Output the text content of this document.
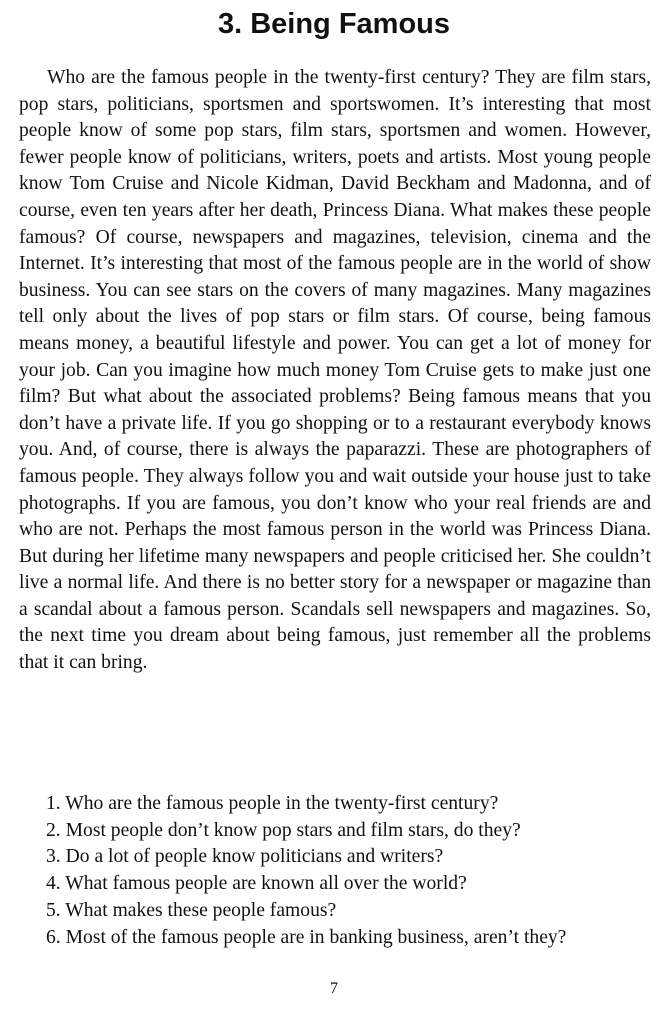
3. Being Famous

Who are the famous people in the twenty-first century? They are film stars, pop stars, politicians, sportsmen and sportswomen. It’s interesting that most people know of some pop stars, film stars, sportsmen and women. However, fewer people know of politicians, writers, poets and artists. Most young people know Tom Cruise and Nicole Kidman, David Beckham and Madonna, and of course, even ten years after her death, Princess Diana. What makes these people famous? Of course, newspapers and magazines, television, cinema and the Internet. It’s interesting that most of the famous people are in the world of show business. You can see stars on the covers of many magazines. Many magazines tell only about the lives of pop stars or film stars. Of course, being famous means money, a beautiful lifestyle and power. You can get a lot of money for your job. Can you imagine how much money Tom Cruise gets to make just one film? But what about the associated problems? Being famous means that you don’t have a private life. If you go shopping or to a restaurant everybody knows you. And, of course, there is always the paparazzi. These are photographers of famous people. They always follow you and wait outside your house just to take photographs. If you are famous, you don’t know who your real friends are and who are not. Perhaps the most famous person in the world was Princess Diana. But during her lifetime many newspapers and people criticised her. She couldn’t live a normal life. And there is no better story for a newspaper or magazine than a scandal about a famous person. Scandals sell newspapers and magazines. So, the next time you dream about being famous, just remember all the problems that it can bring.

1. Who are the famous people in the twenty-first century?
2. Most people don’t know pop stars and film stars, do they?
3. Do a lot of people know politicians and writers?
4. What famous people are known all over the world?
5. What makes these people famous?
6. Most of the famous people are in banking business, aren’t they?
7
